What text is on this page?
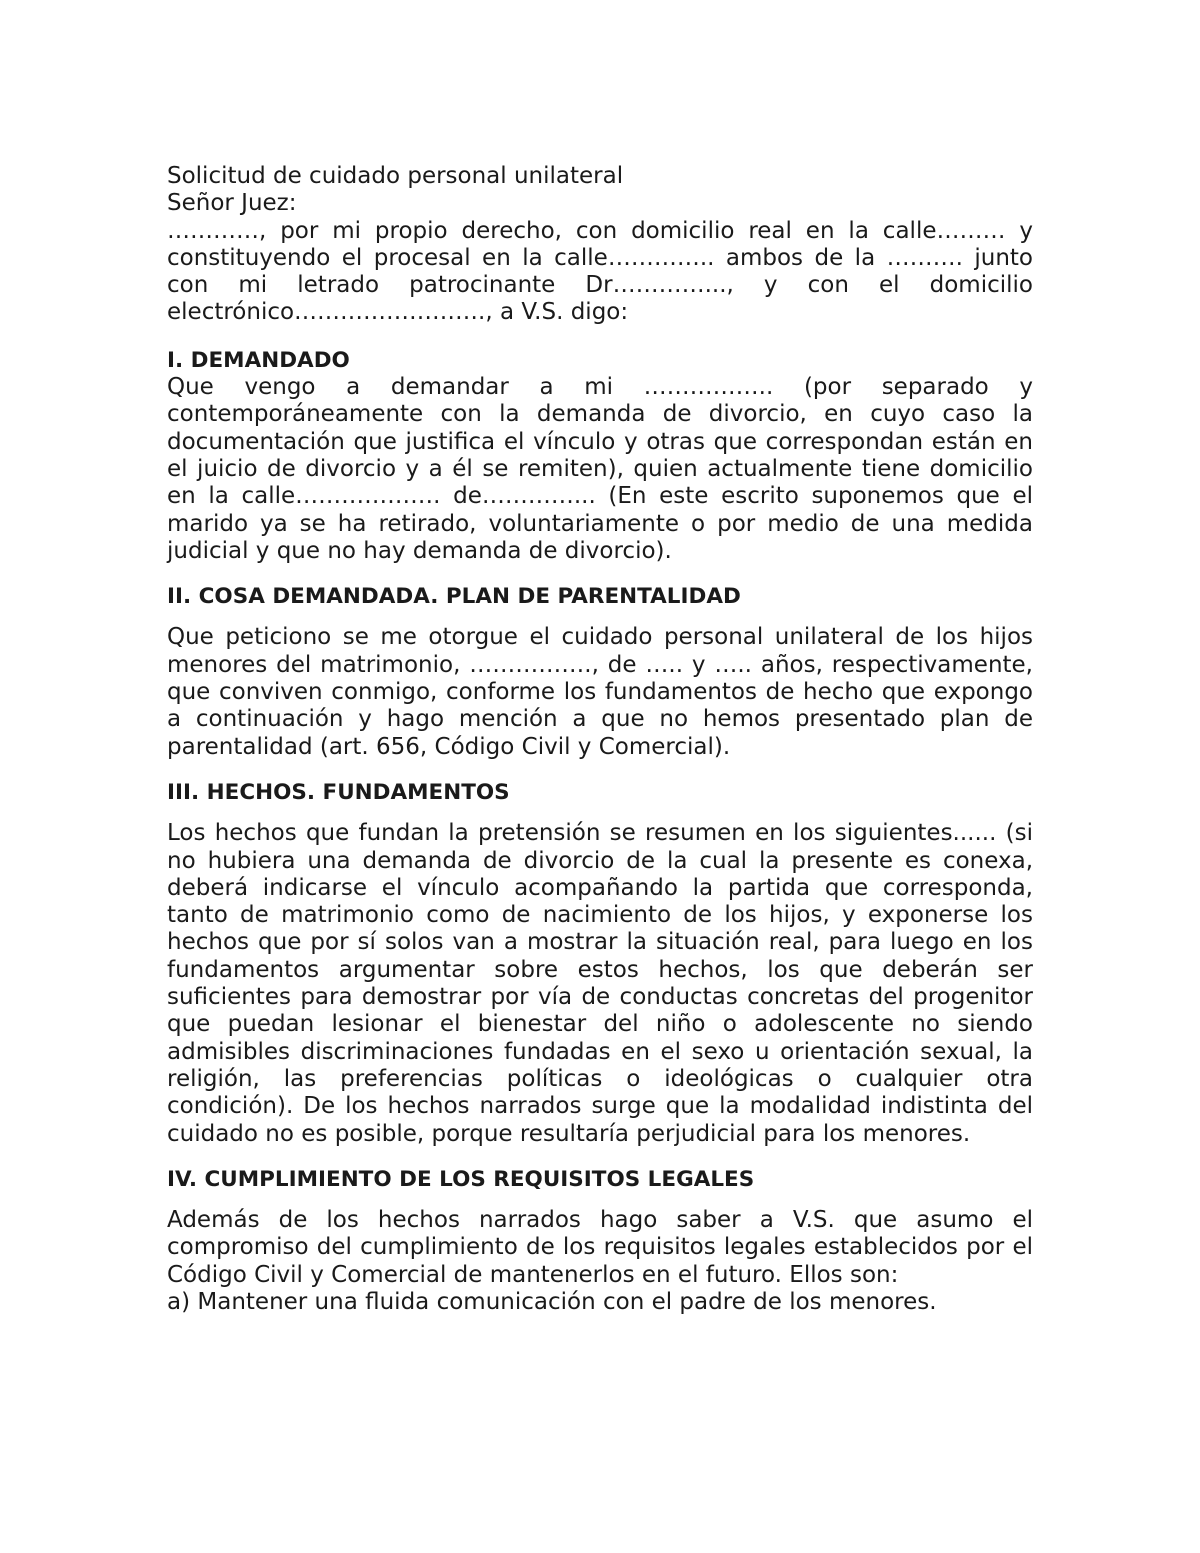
Solicitud de cuidado personal unilateral

Señor Juez:

…………, por mi propio derecho, con domicilio real en la calle……… y constituyendo el procesal en la calle………….. ambos de la ………. junto con mi letrado patrocinante Dr…………..., y con el domicilio electrónico……………………., a V.S. digo:

I. DEMANDADO

Que vengo a demandar a mi …………….. (por separado y contemporáneamente con la demanda de divorcio, en cuyo caso la documentación que justifica el vínculo y otras que correspondan están en el juicio de divorcio y a él se remiten), quien actualmente tiene domicilio en la calle………………. de…………... (En este escrito suponemos que el marido ya se ha retirado, voluntariamente o por medio de una medida judicial y que no hay demanda de divorcio).

II. COSA DEMANDADA. PLAN DE PARENTALIDAD

Que peticiono se me otorgue el cuidado personal unilateral de los hijos menores del matrimonio, ……………., de ….. y ….. años, respectivamente, que conviven conmigo, conforme los fundamentos de hecho que expongo a continuación y hago mención a que no hemos presentado plan de parentalidad (art. 656, Código Civil y Comercial).

III. HECHOS. FUNDAMENTOS

Los hechos que fundan la pretensión se resumen en los siguientes...... (si no hubiera una demanda de divorcio de la cual la presente es conexa, deberá indicarse el vínculo acompañando la partida que corresponda, tanto de matrimonio como de nacimiento de los hijos, y exponerse los hechos que por sí solos van a mostrar la situación real, para luego en los fundamentos argumentar sobre estos hechos, los que deberán ser suficientes para demostrar por vía de conductas concretas del progenitor que puedan lesionar el bienestar del niño o adolescente no siendo admisibles discriminaciones fundadas en el sexo u orientación sexual, la religión, las preferencias políticas o ideológicas o cualquier otra condición). De los hechos narrados surge que la modalidad indistinta del cuidado no es posible, porque resultaría perjudicial para los menores.

IV. CUMPLIMIENTO DE LOS REQUISITOS LEGALES

Además de los hechos narrados hago saber a V.S. que asumo el compromiso del cumplimiento de los requisitos legales establecidos por el Código Civil y Comercial de mantenerlos en el futuro. Ellos son:

a) Mantener una fluida comunicación con el padre de los menores.
